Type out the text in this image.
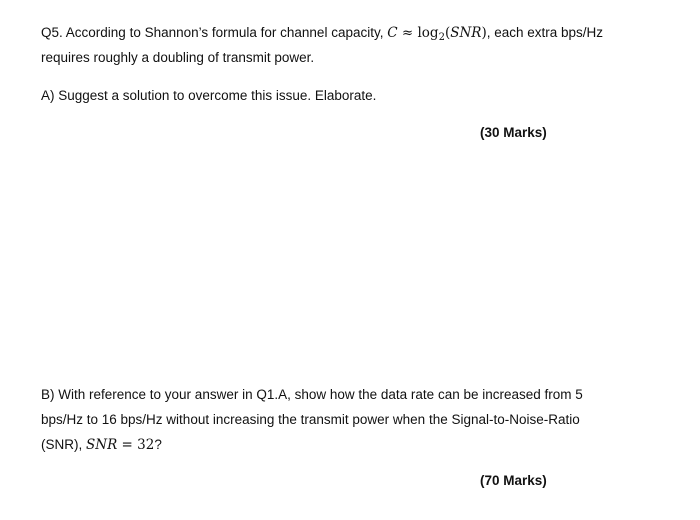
Q5. According to Shannon’s formula for channel capacity, $C \approx \log_2(SNR)$, each extra bps/Hz
requires roughly a doubling of transmit power.
A) Suggest a solution to overcome this issue. Elaborate.
(30 Marks)
B) With reference to your answer in Q1.A, show how the data rate can be increased from 5
bps/Hz to 16 bps/Hz without increasing the transmit power when the Signal-to-Noise-Ratio
(SNR), SNR = 32?
(70 Marks)
